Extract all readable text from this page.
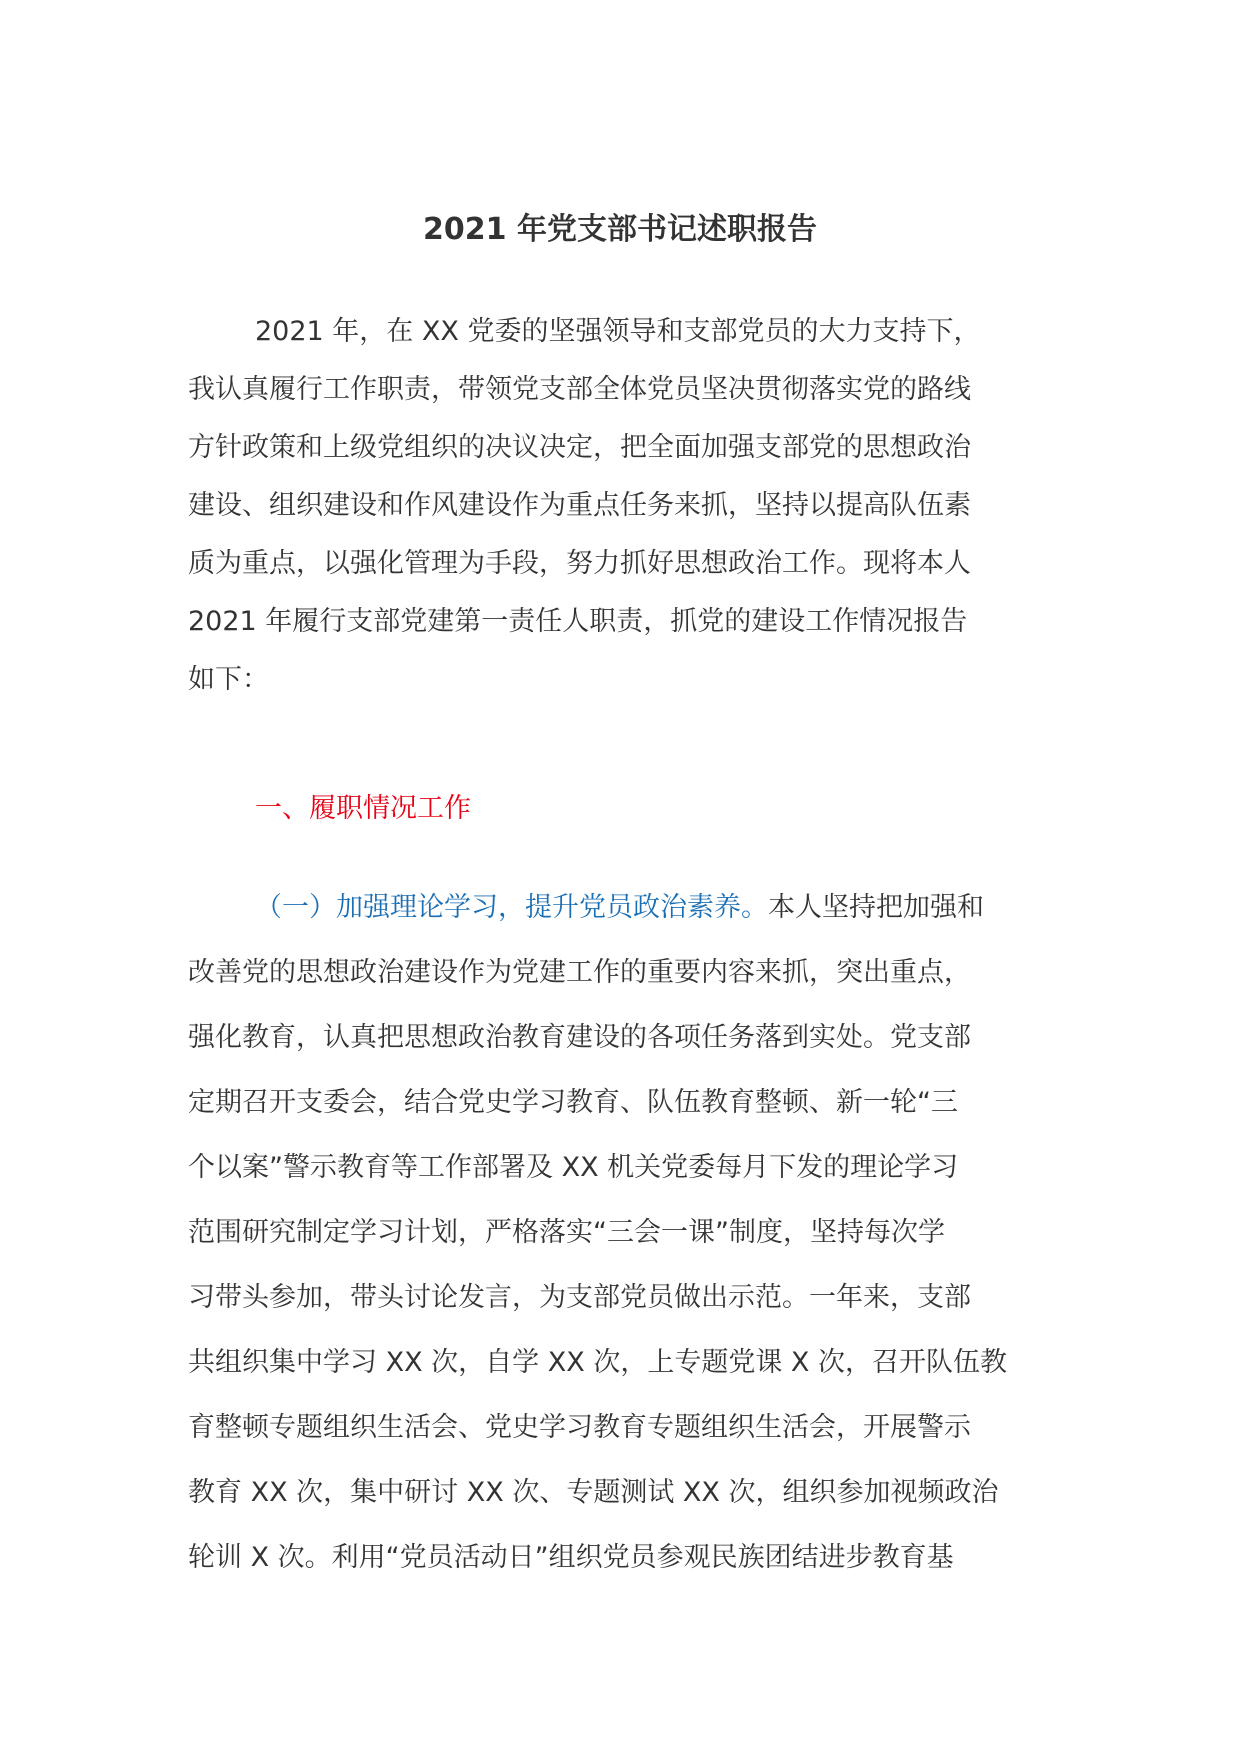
2021 年党支部书记述职报告

2021 年，在 XX 党委的坚强领导和支部党员的大力支持下，

我认真履行工作职责，带领党支部全体党员坚决贯彻落实党的路线

方针政策和上级党组织的决议决定，把全面加强支部党的思想政治

建设、组织建设和作风建设作为重点任务来抓，坚持以提高队伍素

质为重点，以强化管理为手段，努力抓好思想政治工作。现将本人

2021 年履行支部党建第一责任人职责，抓党的建设工作情况报告

如下：

一、履职情况工作

（一）加强理论学习，提升党员政治素养。本人坚持把加强和

改善党的思想政治建设作为党建工作的重要内容来抓，突出重点，

强化教育，认真把思想政治教育建设的各项任务落到实处。党支部

定期召开支委会，结合党史学习教育、队伍教育整顿、新一轮“三

个以案”警示教育等工作部署及 XX 机关党委每月下发的理论学习

范围研究制定学习计划，严格落实“三会一课”制度，坚持每次学

习带头参加，带头讨论发言，为支部党员做出示范。一年来，支部

共组织集中学习 XX 次，自学 XX 次，上专题党课 X 次，召开队伍教

育整顿专题组织生活会、党史学习教育专题组织生活会，开展警示

教育 XX 次，集中研讨 XX 次、专题测试 XX 次，组织参加视频政治

轮训 X 次。利用“党员活动日”组织党员参观民族团结进步教育基
